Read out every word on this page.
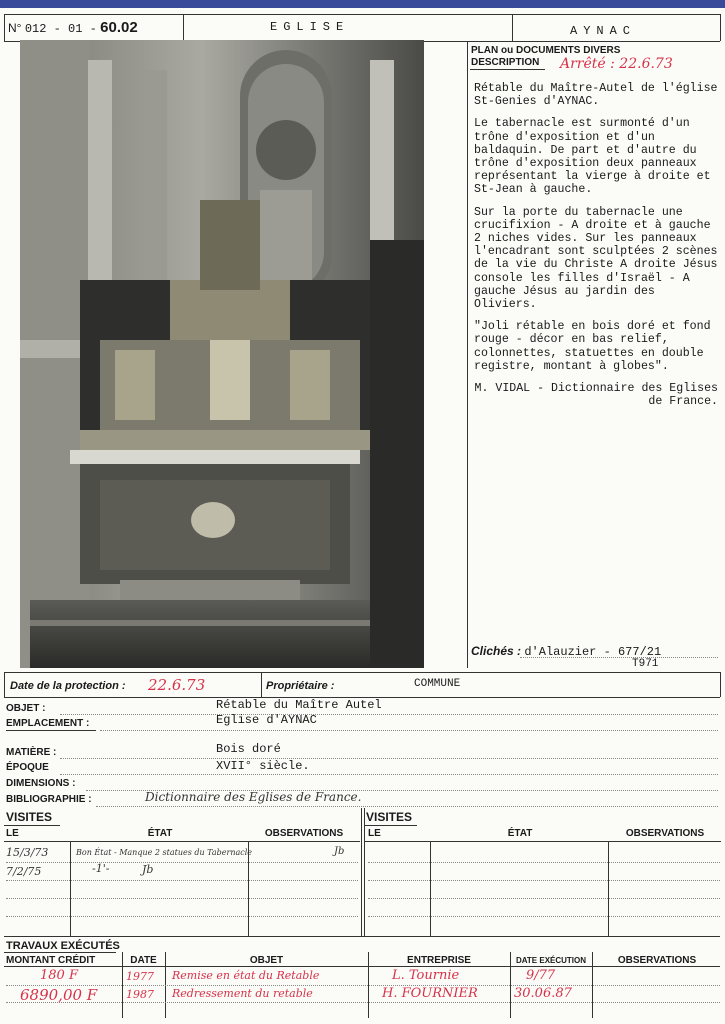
N° 012 - 01 - 60.02	EGLISE	AYNAC
PLAN ou DOCUMENTS DIVERS
DESCRIPTION Arrêté : 22.6.73

Rétable du Maître-Autel de l'église St-Genies d'AYNAC.

Le tabernacle est surmonté d'un trône d'exposition et d'un baldaquin. De part et d'autre du trône d'exposition deux panneaux représentant la vierge à droite et St-Jean à gauche.

Sur la porte du tabernacle une crucifixion - A droite et à gauche 2 niches vides. Sur les panneaux l'encadrant sont sculptées 2 scènes de la vie du Christe A droite Jésus console les filles d'Israël - A gauche Jésus au jardin des Oliviers.

"Joli rétable en bois doré et fond rouge - décor en bas relief, colonnettes, statuettes en double registre, montant à globes".

M. VIDAL - Dictionnaire des Eglises de France.

Clichés : d'Alauzier - 677/21
T971
Date de la protection : 22.6.73	Propriétaire :	COMMUNE
OBJET :	Rétable du Maître Autel
EMPLACEMENT :	Eglise d'AYNAC
MATIÈRE :	Bois doré
ÉPOQUE	XVII° siècle.
DIMENSIONS :
BIBLIOGRAPHIE :	Dictionnaire des Eglises de France.
VISITES	VISITES
LE	ÉTAT	OBSERVATIONS	LE	ÉTAT	OBSERVATIONS
15/3/73	Bon État - Manque 2 statues du Tabernacle	Jb
7/2/75	-1'-	Jb
TRAVAUX EXÉCUTÉS
MONTANT CRÉDIT	DATE	OBJET	ENTREPRISE	DATE EXÉCUTION	OBSERVATIONS
180 F	1977 Remise en état du Retable	L. Tournie	9/77
6890,00 F	1987 Redressement du retable	H. FOURNIER	30.06.87
